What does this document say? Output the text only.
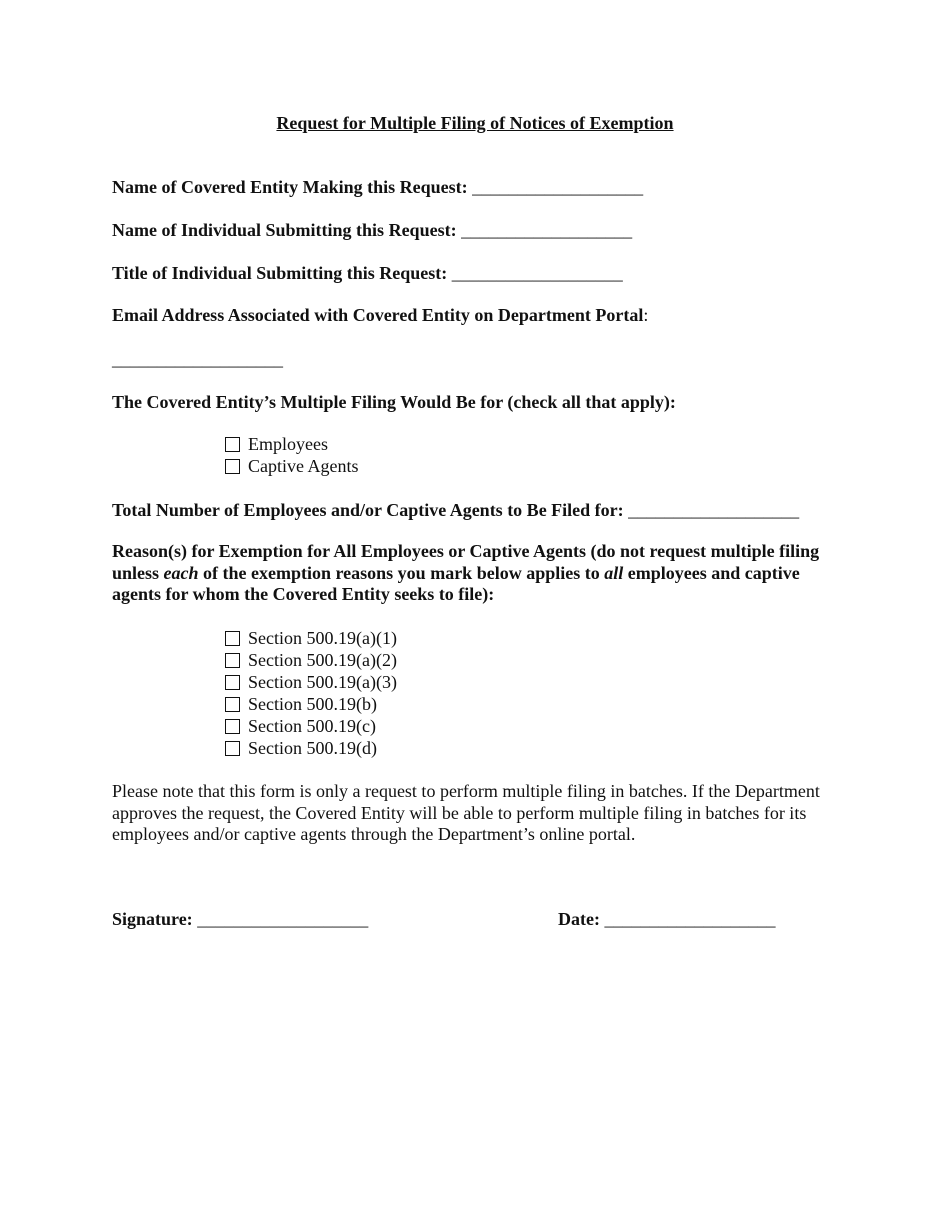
Request for Multiple Filing of Notices of Exemption
Name of Covered Entity Making this Request: ___________________
Name of Individual Submitting this Request: ___________________
Title of Individual Submitting this Request: ___________________
Email Address Associated with Covered Entity on Department Portal:
___________________
The Covered Entity’s Multiple Filing Would Be for (check all that apply):
Employees
Captive Agents
Total Number of Employees and/or Captive Agents to Be Filed for: ___________________
Reason(s) for Exemption for All Employees or Captive Agents (do not request multiple filing unless each of the exemption reasons you mark below applies to all employees and captive agents for whom the Covered Entity seeks to file):
Section 500.19(a)(1)
Section 500.19(a)(2)
Section 500.19(a)(3)
Section 500.19(b)
Section 500.19(c)
Section 500.19(d)
Please note that this form is only a request to perform multiple filing in batches. If the Department approves the request, the Covered Entity will be able to perform multiple filing in batches for its employees and/or captive agents through the Department’s online portal.
Signature: ___________________	Date: ___________________
